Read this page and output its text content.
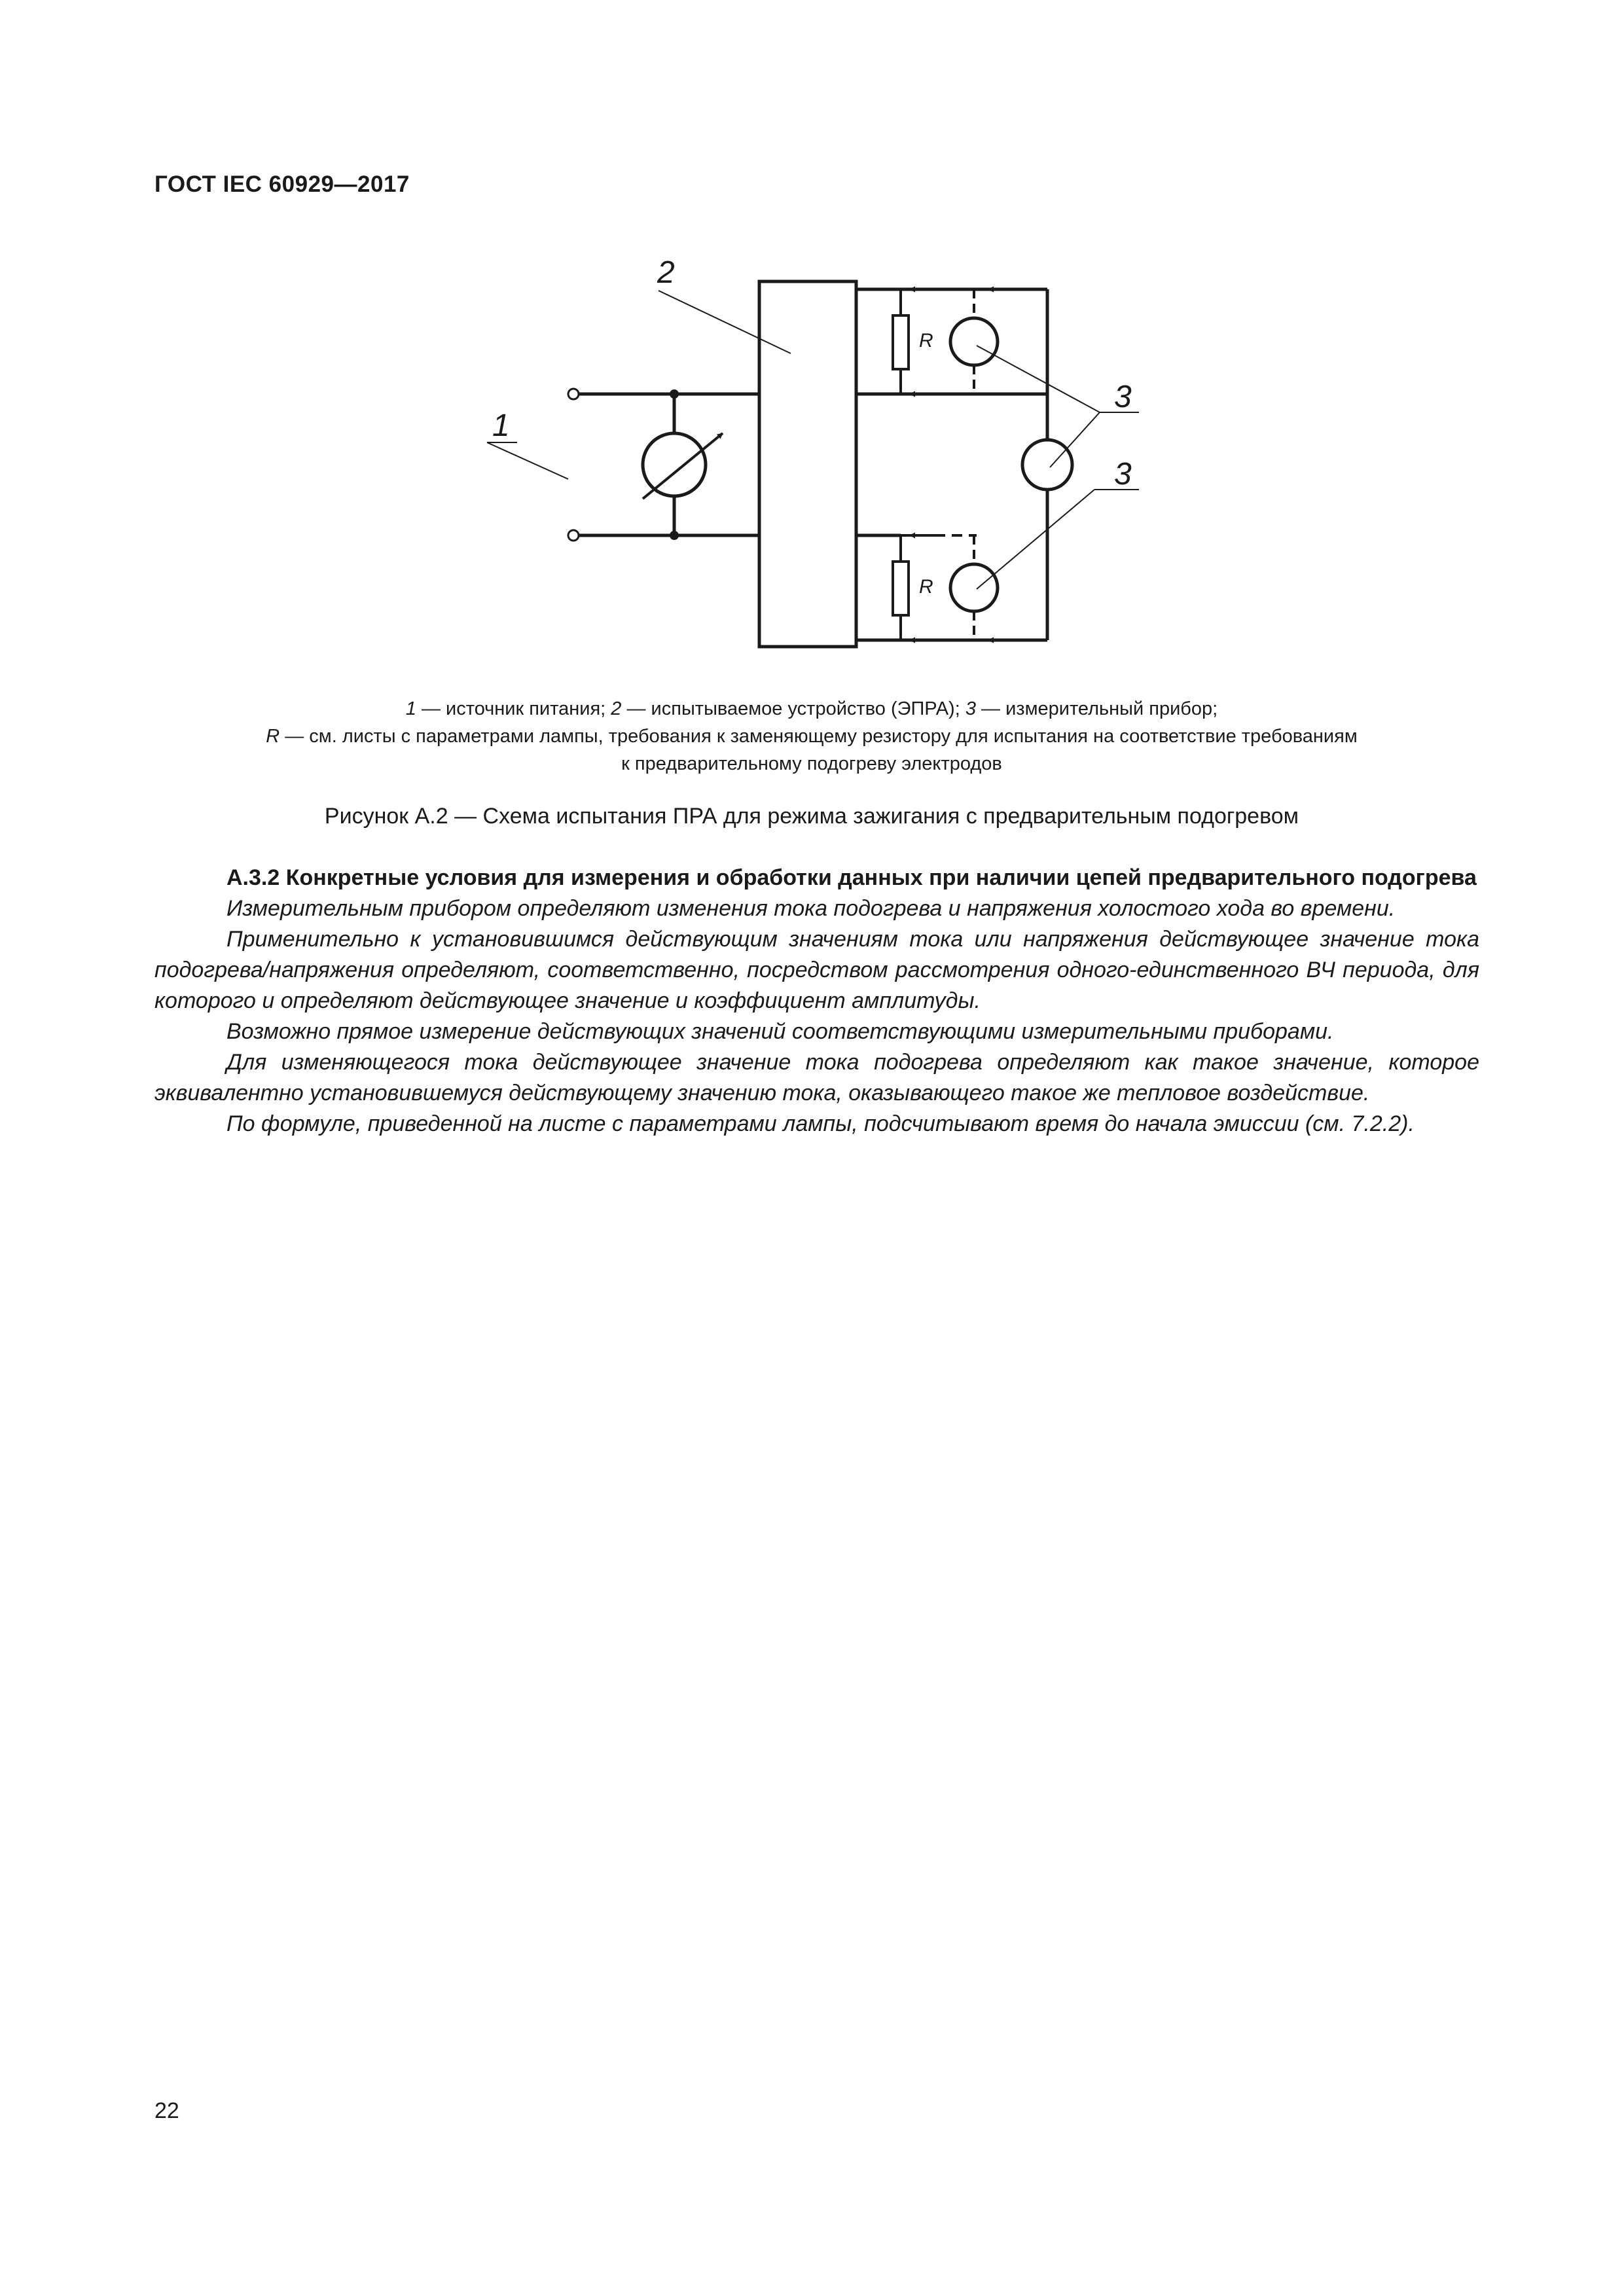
ГОСТ IEC 60929—2017
2
1
3
3
R
R
1 — источник питания; 2 — испытываемое устройство (ЭПРА); 3 — измерительный прибор;
R — см. листы с параметрами лампы, требования к заменяющему резистору для испытания на соответствие требованиям
к предварительному подогреву электродов
Рисунок А.2 — Схема испытания ПРА для режима зажигания с предварительным подогревом

А.3.2 Конкретные условия для измерения и обработки данных при наличии цепей предварительного подогрева

Измерительным прибором определяют изменения тока подогрева и напряжения холостого хода во времени.

Применительно к установившимся действующим значениям тока или напряжения действующее значение тока подогрева/напряжения определяют, соответственно, посредством рассмотрения одного-единственного ВЧ периода, для которого и определяют действующее значение и коэффициент амплитуды.

Возможно прямое измерение действующих значений соответствующими измерительными приборами.

Для изменяющегося тока действующее значение тока подогрева определяют как такое значение, которое эквивалентно установившемуся действующему значению тока, оказывающего такое же тепловое воздействие.

По формуле, приведенной на листе с параметрами лампы, подсчитывают время до начала эмиссии (см. 7.2.2).

22
